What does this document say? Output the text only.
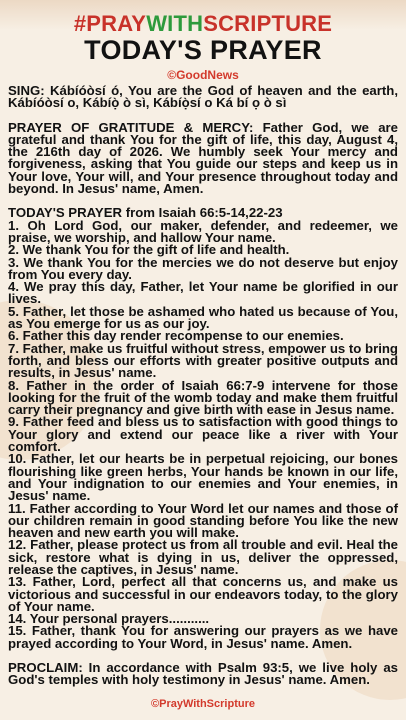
#PRAYWITHSCRIPTURE
TODAY'S PRAYER
©GoodNews

SING: Kábíóòsí ó, You are the God of heaven and the earth, Kábíóòsí o, Kábíọ̀ ò sì, Kábíọ̀sí o Ká bí ọ ò sì

PRAYER OF GRATITUDE & MERCY: Father God, we are grateful and thank You for the gift of life, this day, August 4, the 216th day of 2026. We humbly seek Your mercy and forgiveness, asking that You guide our steps and keep us in Your love, Your will, and Your presence throughout today and beyond. In Jesus' name, Amen.

TODAY'S PRAYER from Isaiah 66:5-14,22-23

1. Oh Lord God, our maker, defender, and redeemer, we praise, we worship, and hallow Your name.

2. We thank You for the gift of life and health.

3. We thank You for the mercies we do not deserve but enjoy from You every day.

4. We pray this day, Father, let Your name be glorified in our lives.

5. Father, let those be ashamed who hated us because of You, as You emerge for us as our joy.

6. Father this day render recompense to our enemies.

7. Father, make us fruitful without stress, empower us to bring forth, and bless our efforts with greater positive outputs and results, in Jesus' name.

8. Father in the order of Isaiah 66:7-9 intervene for those looking for the fruit of the womb today and make them fruitful carry their pregnancy and give birth with ease in Jesus name.

9. Father feed and bless us to satisfaction with good things to Your glory and extend our peace like a river with Your comfort.

10. Father, let our hearts be in perpetual rejoicing, our bones flourishing like green herbs, Your hands be known in our life, and Your indignation to our enemies and Your enemies, in Jesus' name.

11. Father according to Your Word let our names and those of our children remain in good standing before You like the new heaven and new earth you will make.

12. Father, please protect us from all trouble and evil. Heal the sick, restore what is dying in us, deliver the oppressed, release the captives, in Jesus' name.

13. Father, Lord, perfect all that concerns us, and make us victorious and successful in our endeavors today, to the glory of Your name.

14. Your personal prayers...........

15. Father, thank You for answering our prayers as we have prayed according to Your Word, in Jesus' name. Amen.

PROCLAIM: In accordance with Psalm 93:5, we live holy as God's temples with holy testimony in Jesus' name. Amen.

©PrayWithScripture
